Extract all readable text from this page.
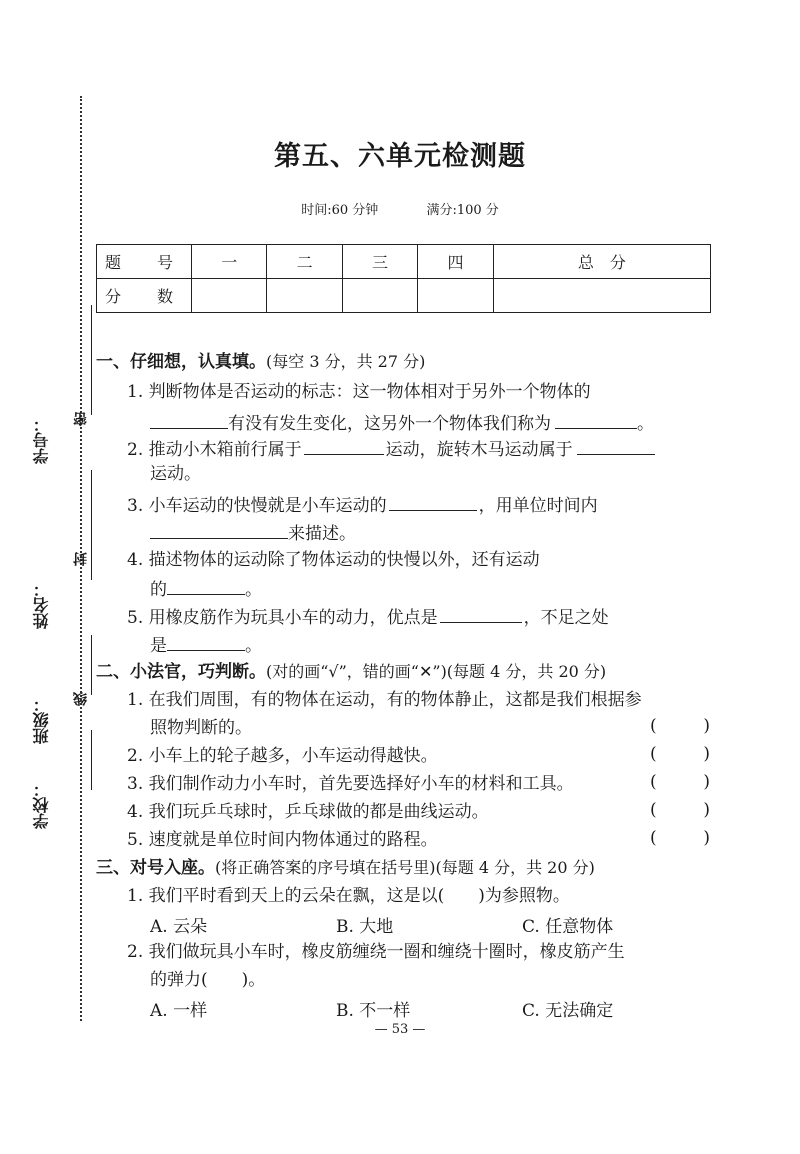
学号：
姓名：
班级：
学校：
密
封
线
第五、六单元检测题
时间:60 分钟	满分:100 分
题　号	一	二	三	四	总　分
分　数					
一、仔细想，认真填。(每空 3 分，共 27 分)
1. 判断物体是否运动的标志：这一物体相对于另外一个物体的
有没有发生变化，这另外一个物体我们称为	。
2. 推动小木箱前行属于	运动，旋转木马运动属于
运动。
3. 小车运动的快慢就是小车运动的	，用单位时间内
来描述。
4. 描述物体的运动除了物体运动的快慢以外，还有运动
的	。
5. 用橡皮筋作为玩具小车的动力，优点是	，不足之处
是	。
二、小法官，巧判断。(对的画“√”，错的画“✕”)(每题 4 分，共 20 分)
1. 在我们周围，有的物体在运动，有的物体静止，这都是我们根据参
照物判断的。	(	)
2. 小车上的轮子越多，小车运动得越快。	(	)
3. 我们制作动力小车时，首先要选择好小车的材料和工具。	(	)
4. 我们玩乒乓球时，乒乓球做的都是曲线运动。	(	)
5. 速度就是单位时间内物体通过的路程。	(	)
三、对号入座。(将正确答案的序号填在括号里)(每题 4 分，共 20 分)
1. 我们平时看到天上的云朵在飘，这是以(　　)为参照物。
A. 云朵	B. 大地	C. 任意物体
2. 我们做玩具小车时，橡皮筋缠绕一圈和缠绕十圈时，橡皮筋产生
的弹力(　　)。
A. 一样	B. 不一样	C. 无法确定
— 53 —
